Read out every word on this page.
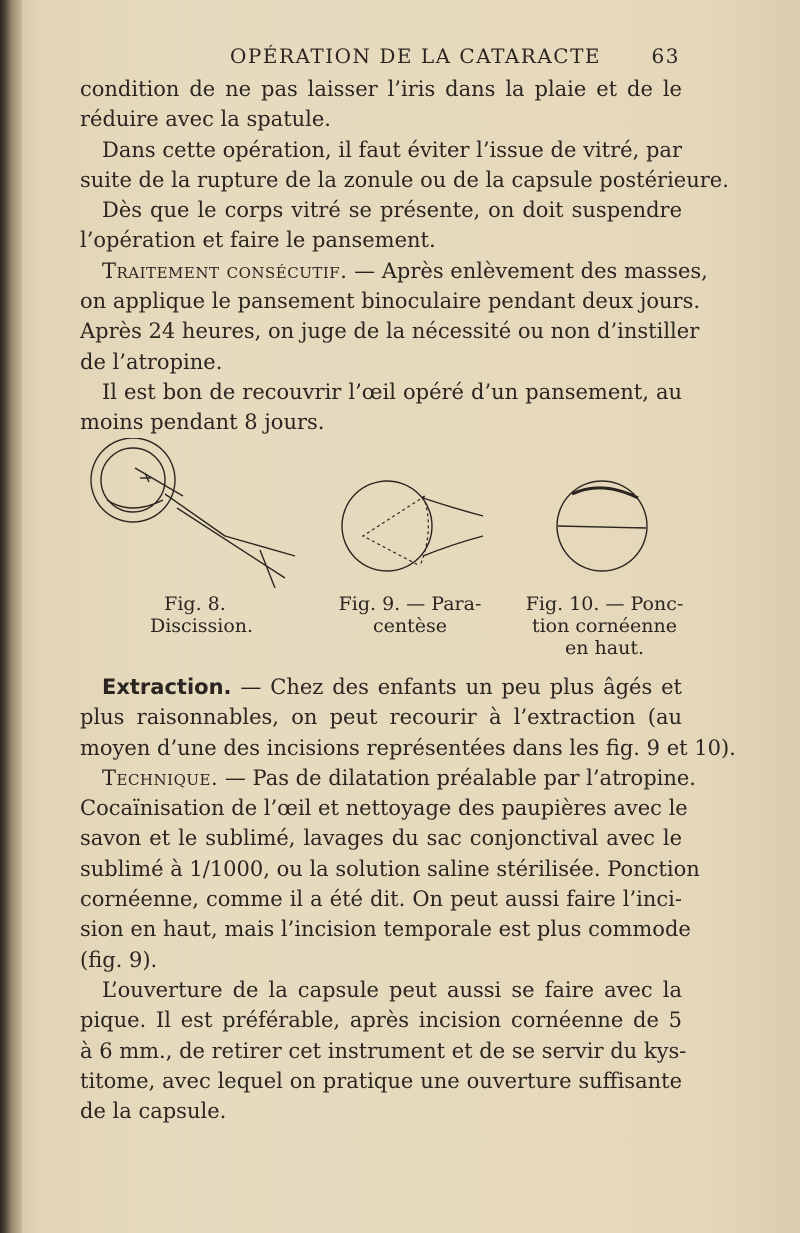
OPÉRATION DE LA CATARACTE	63
condition de ne pas laisser l’iris dans la plaie et de le
réduire avec la spatule.
Dans cette opération, il faut éviter l’issue de vitré, par
suite de la rupture de la zonule ou de la capsule postérieure.
Dès que le corps vitré se présente, on doit suspendre
l’opération et faire le pansement.
Traitement consécutif. — Après enlèvement des masses,
on applique le pansement binoculaire pendant deux jours.
Après 24 heures, on juge de la nécessité ou non d’instiller
de l’atropine.
Il est bon de recouvrir l’œil opéré d’un pansement, au
moins pendant 8 jours.
Fig. 8.
Discission.
Fig. 9. — Para-
centèse
Fig. 10. — Ponc-
tion cornéenne
en haut.
Extraction. — Chez des enfants un peu plus âgés et
plus raisonnables, on peut recourir à l’extraction (au
moyen d’une des incisions représentées dans les fig. 9 et 10).
Technique. — Pas de dilatation préalable par l’atropine.
Cocaïnisation de l’œil et nettoyage des paupières avec le
savon et le sublimé, lavages du sac conjonctival avec le
sublimé à 1/1000, ou la solution saline stérilisée. Ponction
cornéenne, comme il a été dit. On peut aussi faire l’inci-
sion en haut, mais l’incision temporale est plus commode
(fig. 9).
L’ouverture de la capsule peut aussi se faire avec la
pique. Il est préférable, après incision cornéenne de 5
à 6 mm., de retirer cet instrument et de se servir du kys-
titome, avec lequel on pratique une ouverture suffisante
de la capsule.
